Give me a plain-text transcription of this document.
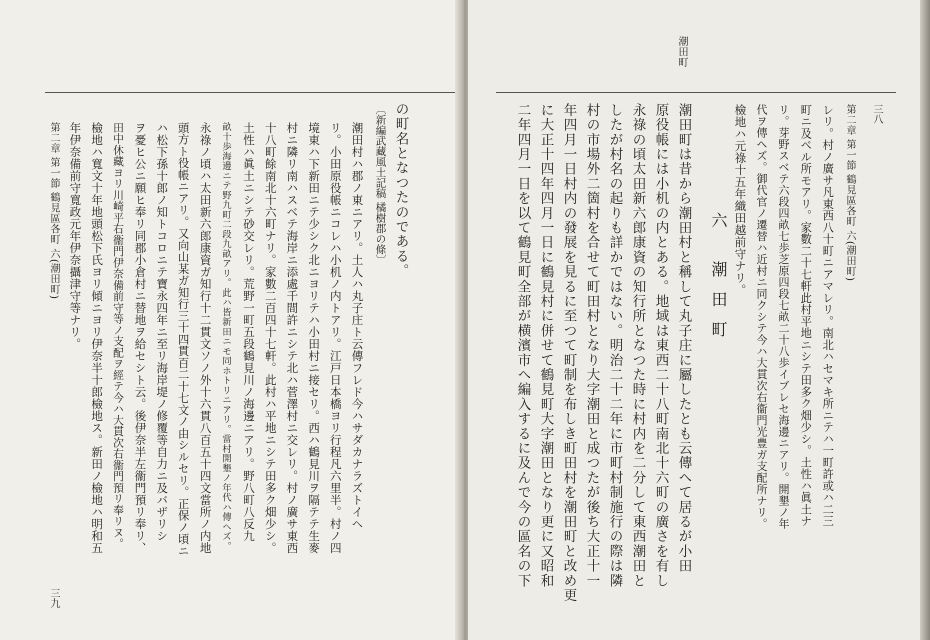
の町名となつたのである。

〔新編武藏風土記稿 橘樹郡の條〕

潮田村ハ郡ノ東ニアリ。土人ハ丸子庄ト云傳フレド今ハサダカナラズトイヘ

リ。小田原役帳ニコレハ小机ノ内トアリ。江戸日本橋ヨリ行程凡六里半。村ノ四

境東ハ下新田ニテ少シク北ニヨリテハ小田村ニ接セリ。西ハ鶴見川ヲ隔テテ生麥

村ニ隣リ南ハスベテ海岸ニ添處千間許ニシテ北ハ菅澤村ニ交レリ。村ノ廣サ東西

十八町餘南北十六町ナリ。家數二百四十七軒。此村ハ平地ニシテ田多ク畑少シ。

土性ハ眞土ニシテ砂交レリ。荒野一町五段鶴見川ノ海邊ニアリ。野八町八反九

畝十歩海邊ニテ野九町二段九畝アリ。此ハ皆新田ニモ同ホトリニアリ。當村開墾ノ年代ハ傳ヘズ。

永祿ノ頃ハ太田新六郎康資ガ知行十二貫文ソノ外十六貫八百五十四文當所ノ内地

頭方ト役帳ニアリ。又向山某ガ知行三十四貫百二十七文ノ由シルセリ。正保ノ頃ニ

ハ松下孫十郎ノ知トコロニテ寶永四年ニ至リ海岸堤ノ修覆等自力ニ及バザリシ

ヲ憂ヒ公ニ願ヒ奉リ同郡小倉村ニ替地ヲ給セシト云。後伊奈半左衞門預リ奉リ、

田中休藏ヨリ川崎平右衞門伊奈備前守等ノ支配ヲ經テ今ハ大貫次右衞門預リ奉リヌ。

檢地ハ寬文十年地頭松下氏ヨリ傾ニヨリ伊奈半十郎檢地ス。新田ノ檢地ハ明和五

年伊奈備前守寬政元年伊奈攝津守等ナリ。

第二章 第一節 鶴見區各町 六(潮田町)

三九

潮田町

第二章 第一節 鶴見區各町 六(潮田町)

レリ。村ノ廣サ凡東西八十町ニアマレリ。南北ハセマキ所ニテハ一町許或ハ二三

町ニ及ベル所モアリ。家數二十七軒此村平地ニシテ田多ク畑少シ。土性ハ眞土ナ

リ。芽野スベテ六段四畝七歩芝原四段七畝二十八歩イブレセ海邊ニアリ。開墾ノ年

代ヲ傳ヘズ。御代官ノ遷替ハ近村ニ同クシテ今ハ大貫次右衞門光豊ガ支配所ナリ。

檢地ハ元祿十五年織田越前守ナリ。

六 潮田町

潮田町は昔から潮田村と稱して丸子庄に屬したとも云傳へて居るが小田

原役帳には小机の内とある。地域は東西二十八町南北十六町の廣さを有し

永祿の頃太田新六郎康資の知行所となつた時に村内を二分して東西潮田と

したが村名の起りも詳かではない。明治二十二年に市町村制施行の際は隣

村の市場外二箇村を合せて町田村となり大字潮田と成つたが後ち大正十一

年四月一日村内の發展を見るに至つて町制を布しき町田村を潮田町と改め更

に大正十四年四月一日に鶴見村に併せて鶴見町大字潮田となり更に又昭和

二年四月一日を以て鶴見町全部が横濱市へ編入するに及んで今の區名の下	三八
